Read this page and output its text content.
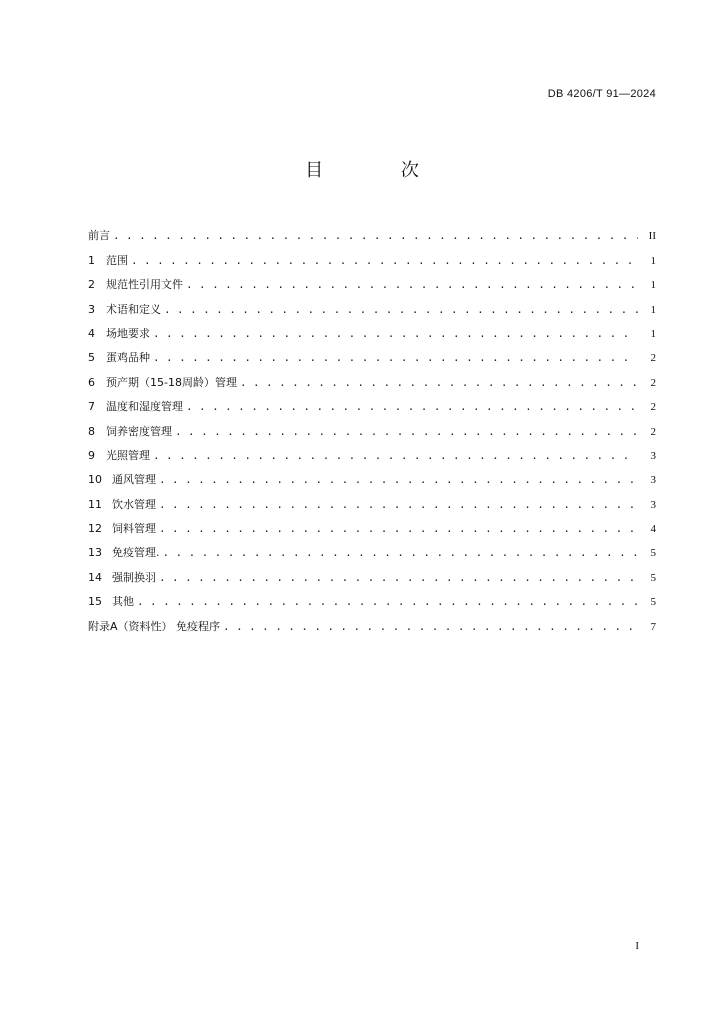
DB 4206/T 91—2024
目 次
前言 . . .	II
1	范围 . . .	1
2	规范性引用文件 . . .	1
3	术语和定义 . . .	1
4	场地要求 . . .	1
5	蛋鸡品种 . . .	2
6	预产期（15-18周龄）管理 . . .	2
7	温度和湿度管理 . . .	2
8	饲养密度管理 . . .	2
9	光照管理 . . .	3
10 通风管理 . . .	3
11 饮水管理 . . .	3
12 饲料管理 . . .	4
13 免疫管理. . . .	5
14 强制换羽 . . .	5
15 其他 . . .	5
附录A（资料性） 免疫程序 . . .	7
I
